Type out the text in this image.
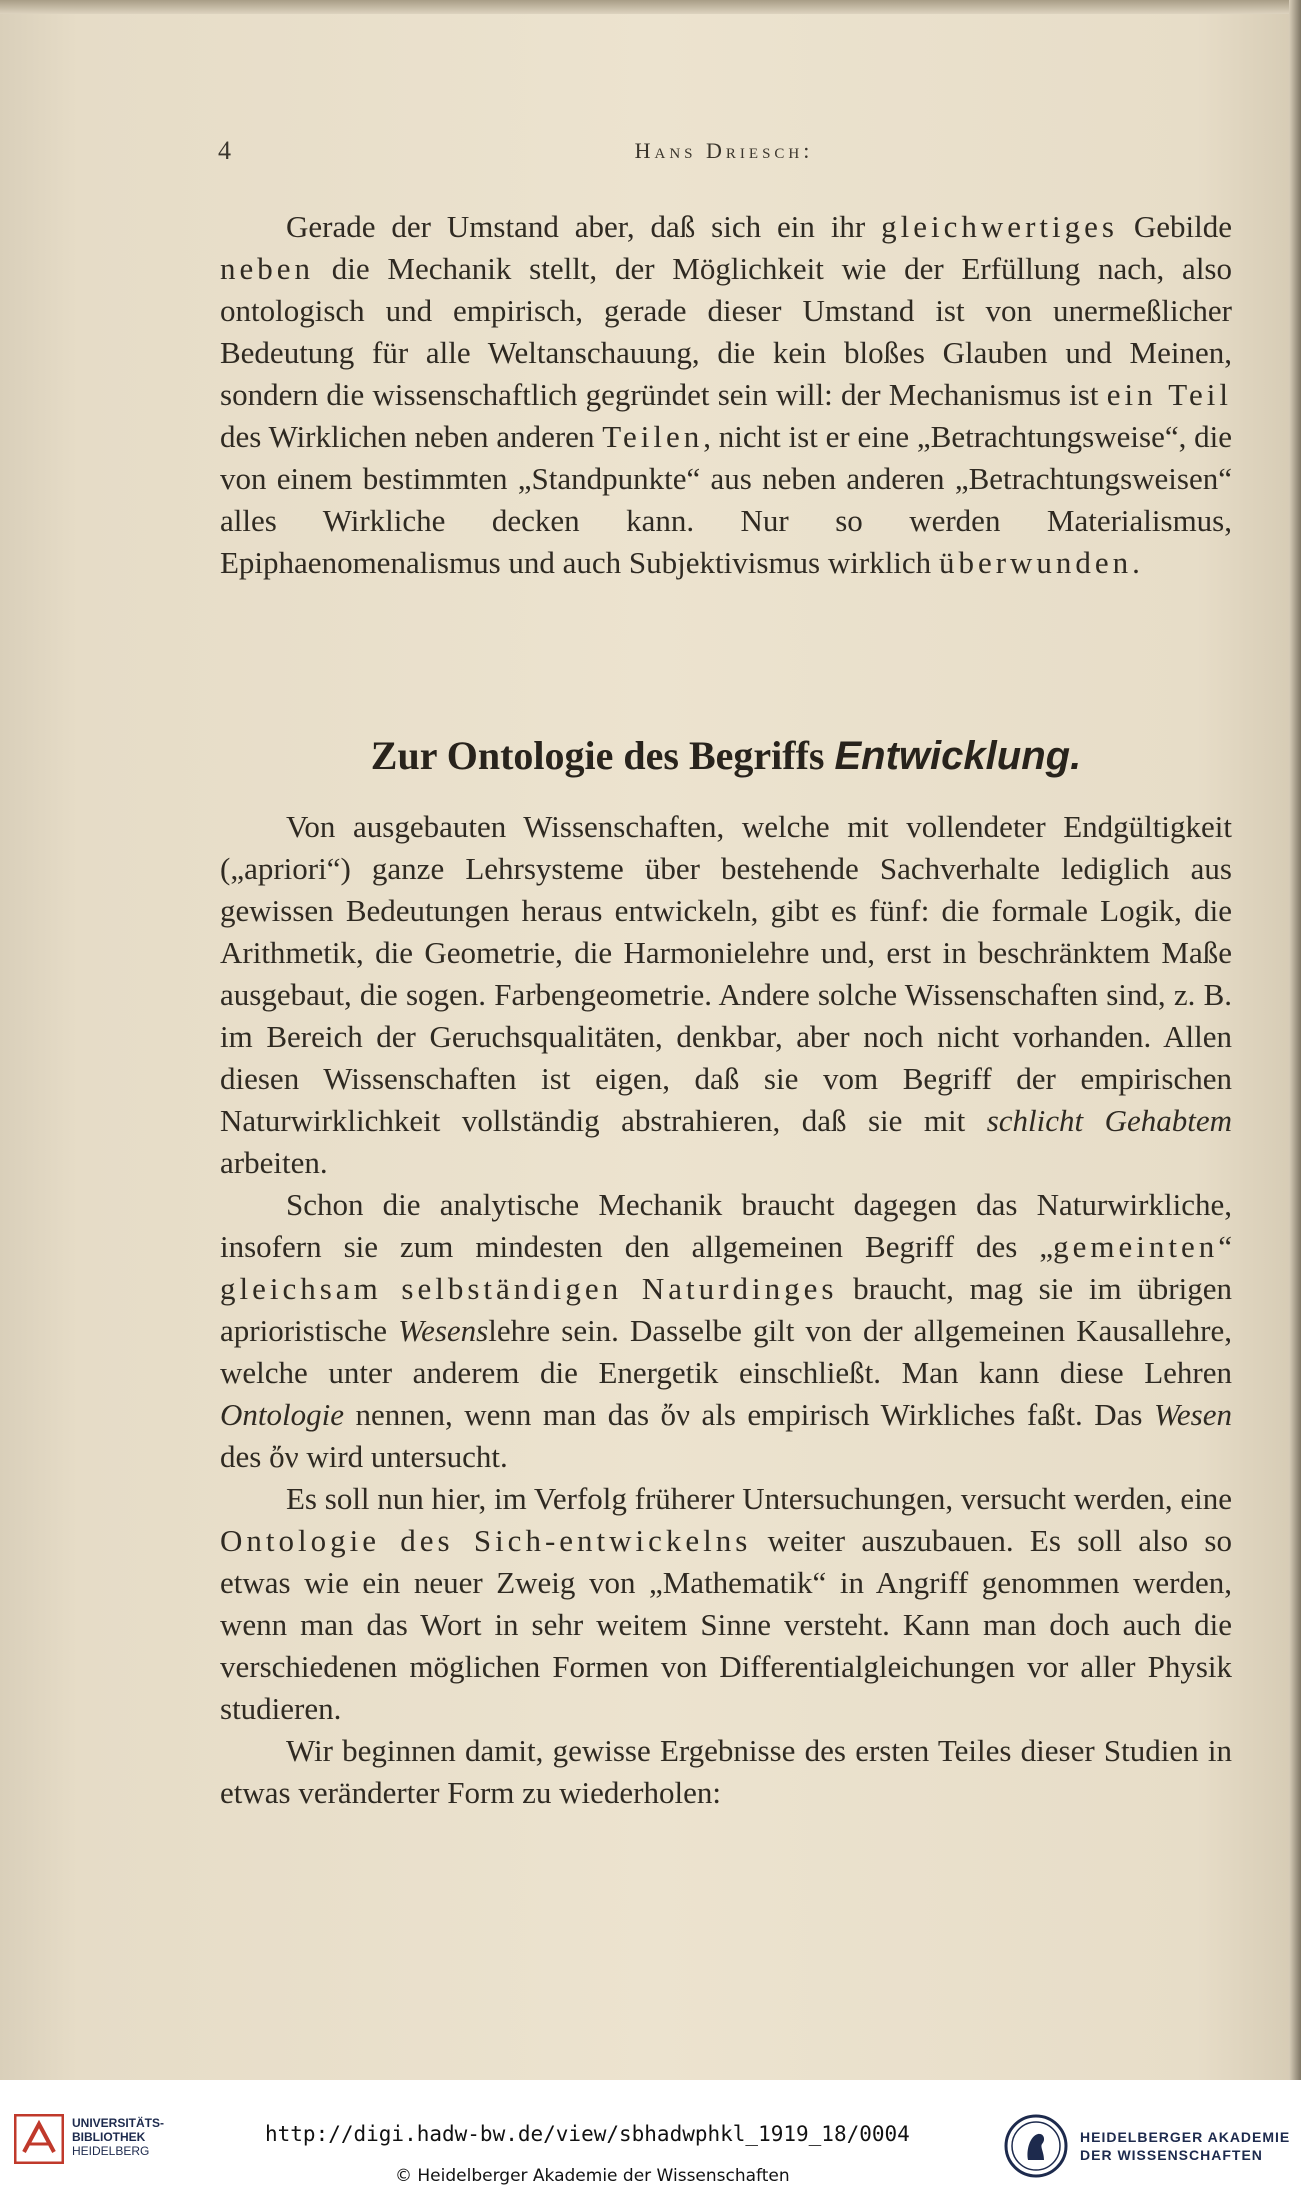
4	Hans Driesch:

Gerade der Umstand aber, daß sich ein ihr gleichwertiges Gebilde neben die Mechanik stellt, der Möglichkeit wie der Erfüllung nach, also ontologisch und empirisch, gerade dieser Umstand ist von unermeßlicher Bedeutung für alle Weltanschauung, die kein bloßes Glauben und Meinen, sondern die wissenschaftlich gegründet sein will: der Mechanismus ist ein Teil des Wirklichen neben anderen Teilen, nicht ist er eine „Betrachtungsweise“, die von einem bestimmten „Standpunkte“ aus neben anderen „Betrachtungsweisen“ alles Wirkliche decken kann. Nur so werden Materialismus, Epiphaenomenalismus und auch Subjektivismus wirklich überwunden.

Zur Ontologie des Begriffs Entwicklung.

Von ausgebauten Wissenschaften, welche mit vollendeter Endgültigkeit („apriori“) ganze Lehrsysteme über bestehende Sachverhalte lediglich aus gewissen Bedeutungen heraus entwickeln, gibt es fünf: die formale Logik, die Arithmetik, die Geometrie, die Harmonielehre und, erst in beschränktem Maße ausgebaut, die sogen. Farbengeometrie. Andere solche Wissenschaften sind, z. B. im Bereich der Geruchsqualitäten, denkbar, aber noch nicht vorhanden. Allen diesen Wissenschaften ist eigen, daß sie vom Begriff der empirischen Naturwirklichkeit vollständig abstrahieren, daß sie mit schlicht Gehabtem arbeiten.

Schon die analytische Mechanik braucht dagegen das Naturwirkliche, insofern sie zum mindesten den allgemeinen Begriff des „gemeinten“ gleichsam selbständigen Naturdinges braucht, mag sie im übrigen aprioristische Wesenslehre sein. Dasselbe gilt von der allgemeinen Kausallehre, welche unter anderem die Energetik einschließt. Man kann diese Lehren Ontologie nennen, wenn man das ὄν als empirisch Wirkliches faßt. Das Wesen des ὄν wird untersucht.

Es soll nun hier, im Verfolg früherer Untersuchungen, versucht werden, eine Ontologie des Sich-entwickelns weiter auszubauen. Es soll also so etwas wie ein neuer Zweig von „Mathematik“ in Angriff genommen werden, wenn man das Wort in sehr weitem Sinne versteht. Kann man doch auch die verschiedenen möglichen Formen von Differentialgleichungen vor aller Physik studieren.

Wir beginnen damit, gewisse Ergebnisse des ersten Teiles dieser Studien in etwas veränderter Form zu wiederholen:

UNIVERSITÄTS-
BIBLIOTHEK
HEIDELBERG
http://digi.hadw-bw.de/view/sbhadwphkl_1919_18/0004
© Heidelberger Akademie der Wissenschaften
HEIDELBERGER AKADEMIE
DER WISSENSCHAFTEN
